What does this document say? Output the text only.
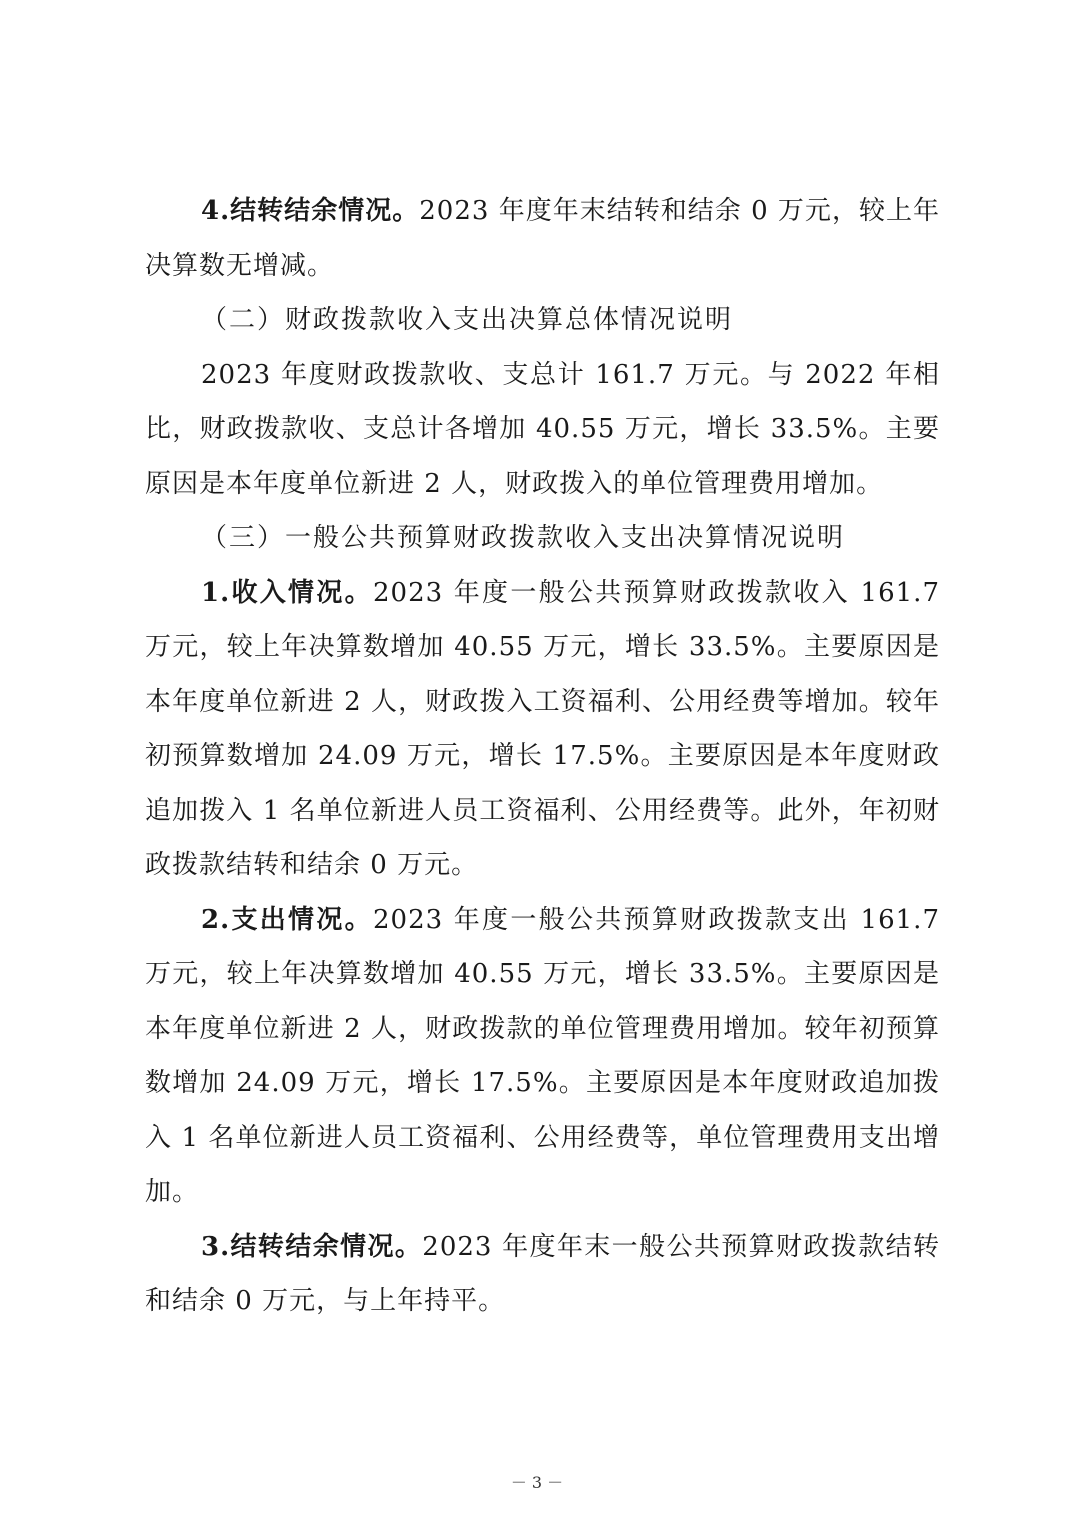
4.结转结余情况。2023 年度年末结转和结余 0 万元，较上年决算数无增减。

（二）财政拨款收入支出决算总体情况说明

2023 年度财政拨款收、支总计 161.7 万元。与 2022 年相比，财政拨款收、支总计各增加 40.55 万元，增长 33.5%。主要原因是本年度单位新进 2 人，财政拨入的单位管理费用增加。

（三）一般公共预算财政拨款收入支出决算情况说明

1.收入情况。2023 年度一般公共预算财政拨款收入 161.7 万元，较上年决算数增加 40.55 万元，增长 33.5%。主要原因是本年度单位新进 2 人，财政拨入工资福利、公用经费等增加。较年初预算数增加 24.09 万元，增长 17.5%。主要原因是本年度财政追加拨入 1 名单位新进人员工资福利、公用经费等。此外，年初财政拨款结转和结余 0 万元。

2.支出情况。2023 年度一般公共预算财政拨款支出 161.7 万元，较上年决算数增加 40.55 万元，增长 33.5%。主要原因是本年度单位新进 2 人，财政拨款的单位管理费用增加。较年初预算数增加 24.09 万元，增长 17.5%。主要原因是本年度财政追加拨入 1 名单位新进人员工资福利、公用经费等，单位管理费用支出增加。

3.结转结余情况。2023 年度年末一般公共预算财政拨款结转和结余 0 万元，与上年持平。

－ 3 －
